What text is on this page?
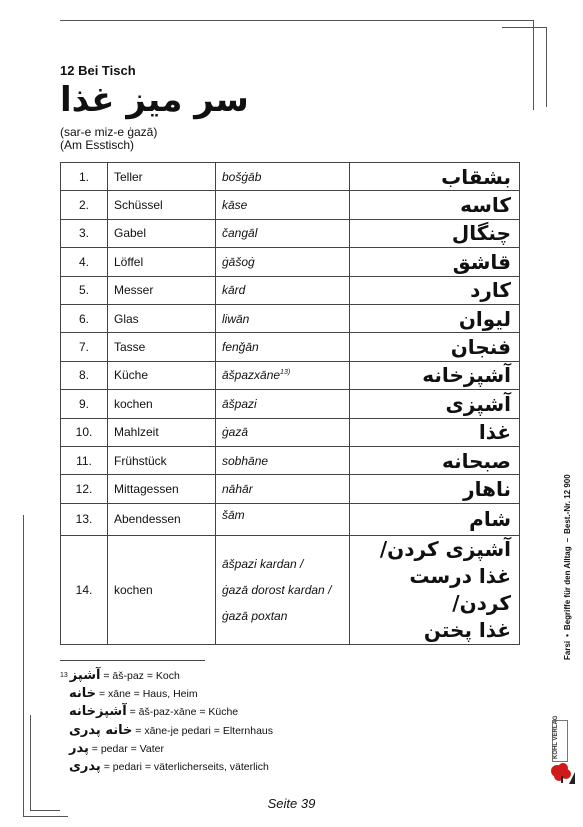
12 Bei Tisch
سر میز غذا
(sar-e miz-e ġazā)
(Am Esstisch)
1.	Teller	bošġāb	بشقاب
2.	Schüssel	kāse	کاسه
3.	Gabel	čangāl	چنگال
4.	Löffel	ġāšoġ	قاشق
5.	Messer	kārd	کارد
6.	Glas	liwān	لیوان
7.	Tasse	fenǧān	فنجان
8.	Küche	āšpazxāne$^{13)}$	آشپزخانه
9.	kochen	āšpazi	آشپزی
10.	Mahlzeit	ġazā	غذا
11.	Frühstück	sobhāne	صبحانه
12.	Mittagessen	nāhār	ناهار
13.	Abendessen	šām	شام
14.	kochen	āšpazi kardan /
ġazā dorost kardan /
ġazā poxtan	آشپزی کردن/
غذا درست کردن/
غذا پختن
$^{13}$ آشپز = āš-paz = Koch
خانه = xāne = Haus, Heim
آشپزخانه = āš-paz-xāne = Küche
خانه پدری = xāne-je pedari = Elternhaus
پدر = pedar = Vater
پدری = pedari = väterlicherseits, väterlich
Seite 39
Farsi•Begriffe für den Alltag–Best.-Nr. 12 900
KOHL VERLAG
